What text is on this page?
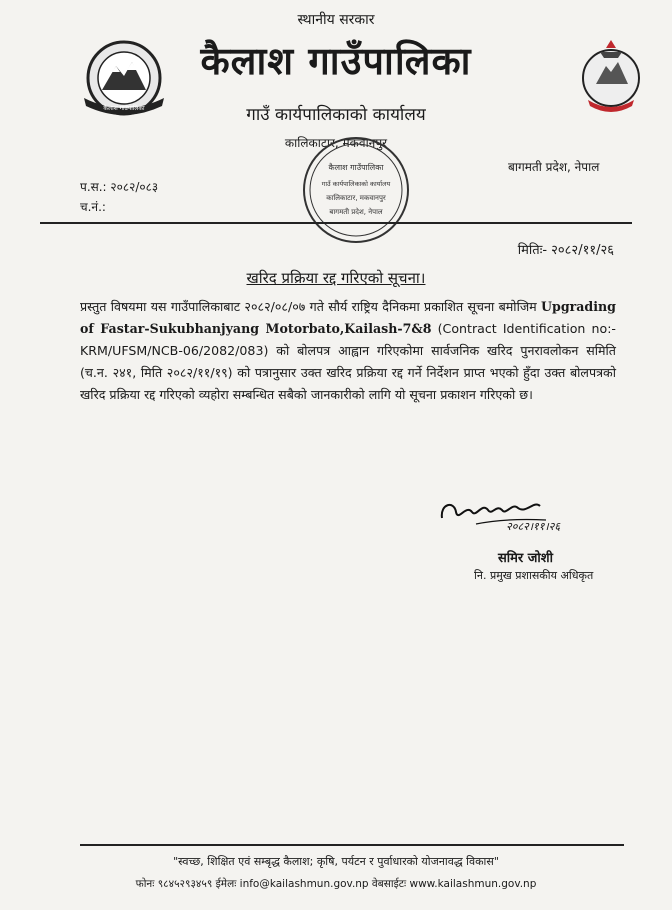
कैलाश गाउँपालिका
स्थानीय सरकार
कैलाश गाउँपालिका
गाउँ कार्यपालिकाको कार्यालय
कालिकाटार, मकवानपुर
बागमती प्रदेश, नेपाल
प.स.: २०८२/०८३
च.नं.:
कैलाश गाउँपालिका
गाउँ कार्यपालिकाको कार्यालय
कालिकाटार, मकवानपुर
बागमती प्रदेश, नेपाल
मितिः- २०८२/११/२६
खरिद प्रक्रिया रद्द गरिएको सूचना।
प्रस्तुत विषयमा यस गाउँपालिकाबाट २०८२/०८/०७ गते सौर्य राष्ट्रिय दैनिकमा प्रकाशित सूचना बमोजिम Upgrading of Fastar-Sukubhanjyang Motorbato,Kailash-7&8 (Contract Identification no:- KRM/UFSM/NCB-06/2082/083) को बोलपत्र आह्वान गरिएकोमा सार्वजनिक खरिद पुनरावलोकन समिति (च.न. २४१, मिति २०८२/११/१९) को पत्रानुसार उक्त खरिद प्रक्रिया रद्द गर्ने निर्देशन प्राप्त भएको हुँदा उक्त बोलपत्रको खरिद प्रक्रिया रद्द गरिएको व्यहोरा सम्बन्धित सबैको जानकारीको लागि यो सूचना प्रकाशन गरिएको छ।
२०८२।११।२६
समिर जोशी
नि. प्रमुख प्रशासकीय अधिकृत
"स्वच्छ, शिक्षित एवं सम्बृद्ध कैलाश; कृषि, पर्यटन र पुर्वाधारको योजनावद्ध विकास"
फोनः ९८४५२९३४५९ ईमेलः info@kailashmun.gov.np वेबसाईटः www.kailashmun.gov.np
